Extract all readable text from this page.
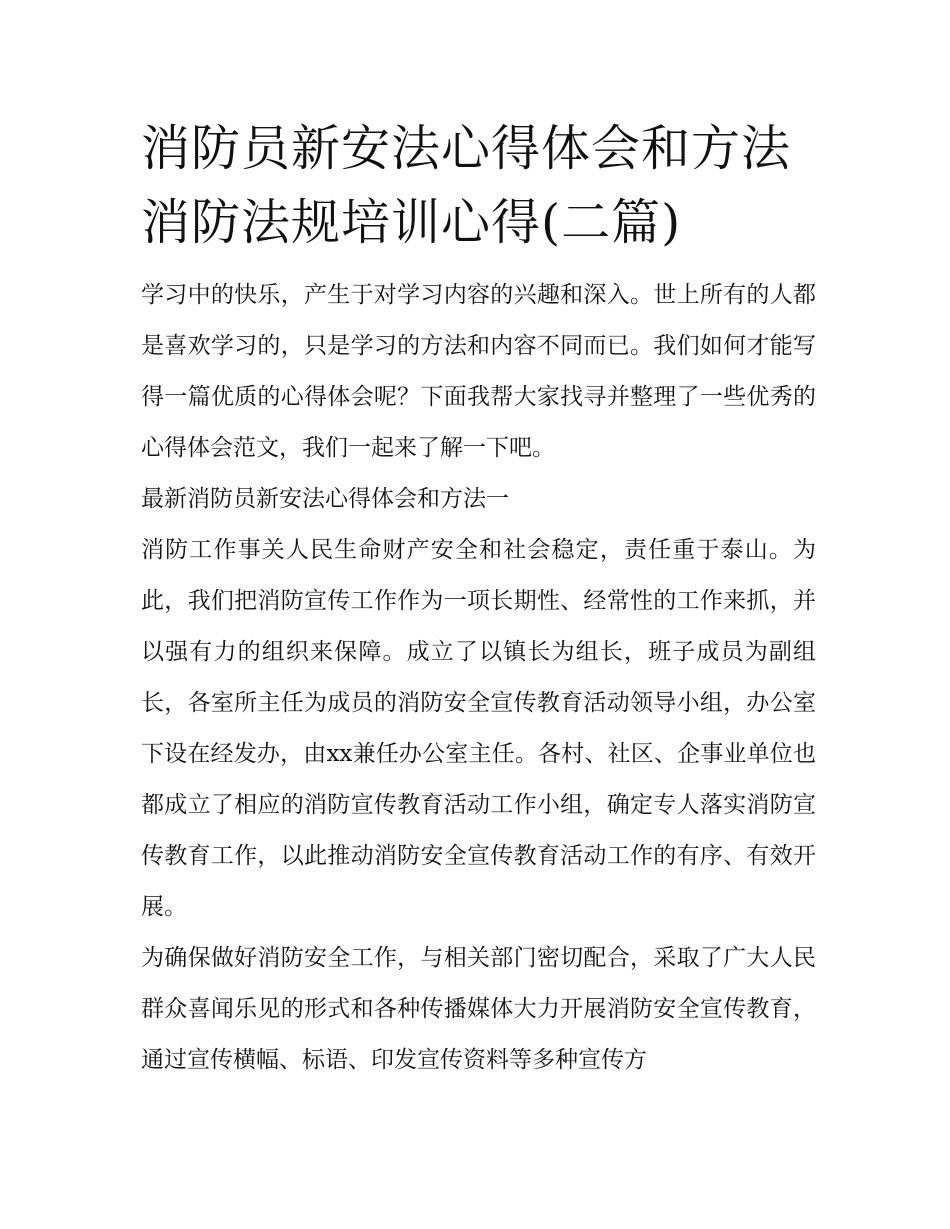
消防员新安法心得体会和方法
消防法规培训心得(二篇)

学习中的快乐，产生于对学习内容的兴趣和深入。世上所有的人都是喜欢学习的，只是学习的方法和内容不同而已。我们如何才能写得一篇优质的心得体会呢？下面我帮大家找寻并整理了一些优秀的心得体会范文，我们一起来了解一下吧。

最新消防员新安法心得体会和方法一

消防工作事关人民生命财产安全和社会稳定，责任重于泰山。为此，我们把消防宣传工作作为一项长期性、经常性的工作来抓，并以强有力的组织来保障。成立了以镇长为组长，班子成员为副组长，各室所主任为成员的消防安全宣传教育活动领导小组，办公室下设在经发办，由xx兼任办公室主任。各村、社区、企事业单位也都成立了相应的消防宣传教育活动工作小组，确定专人落实消防宣传教育工作，以此推动消防安全宣传教育活动工作的有序、有效开展。

为确保做好消防安全工作，与相关部门密切配合，采取了广大人民群众喜闻乐见的形式和各种传播媒体大力开展消防安全宣传教育，通过宣传横幅、标语、印发宣传资料等多种宣传方
